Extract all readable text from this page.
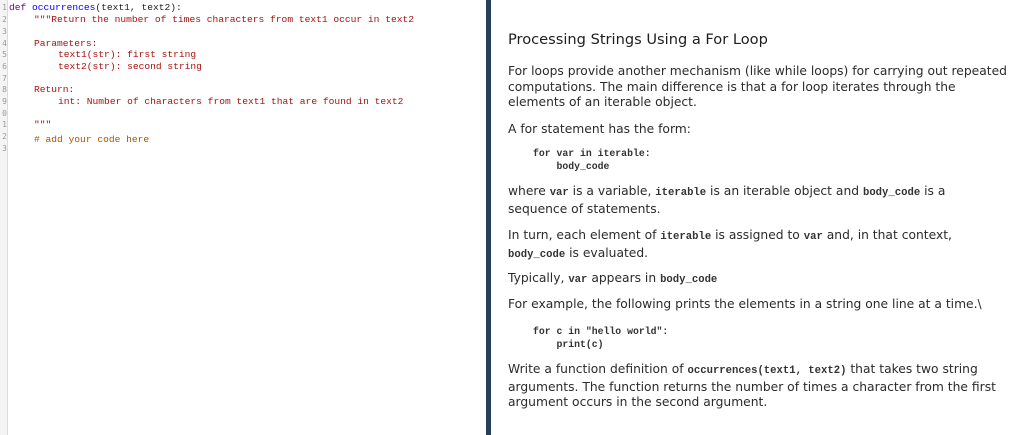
1
2
3
4
5
6
7
8
9
0
1
2
3
def occurrences(text1, text2):
"""Return the number of times characters from text1 occur in text2
Parameters:
text1(str): first string
text2(str): second string
Return:
int: Number of characters from text1 that are found in text2
"""
# add your code here
Processing Strings Using a For Loop
For loops provide another mechanism (like while loops) for carrying out repeated computations. The main difference is that a for loop iterates through the elements of an iterable object.
A for statement has the form:
for var in iterable:
body_code
where var is a variable, iterable is an iterable object and body_code is a sequence of statements.
In turn, each element of iterable is assigned to var and, in that context, body_code is evaluated.
Typically, var appears in body_code
For example, the following prints the elements in a string one line at a time.\
for c in "hello world":
print(c)
Write a function definition of occurrences(text1, text2) that takes two string arguments. The function returns the number of times a character from the first argument occurs in the second argument.
